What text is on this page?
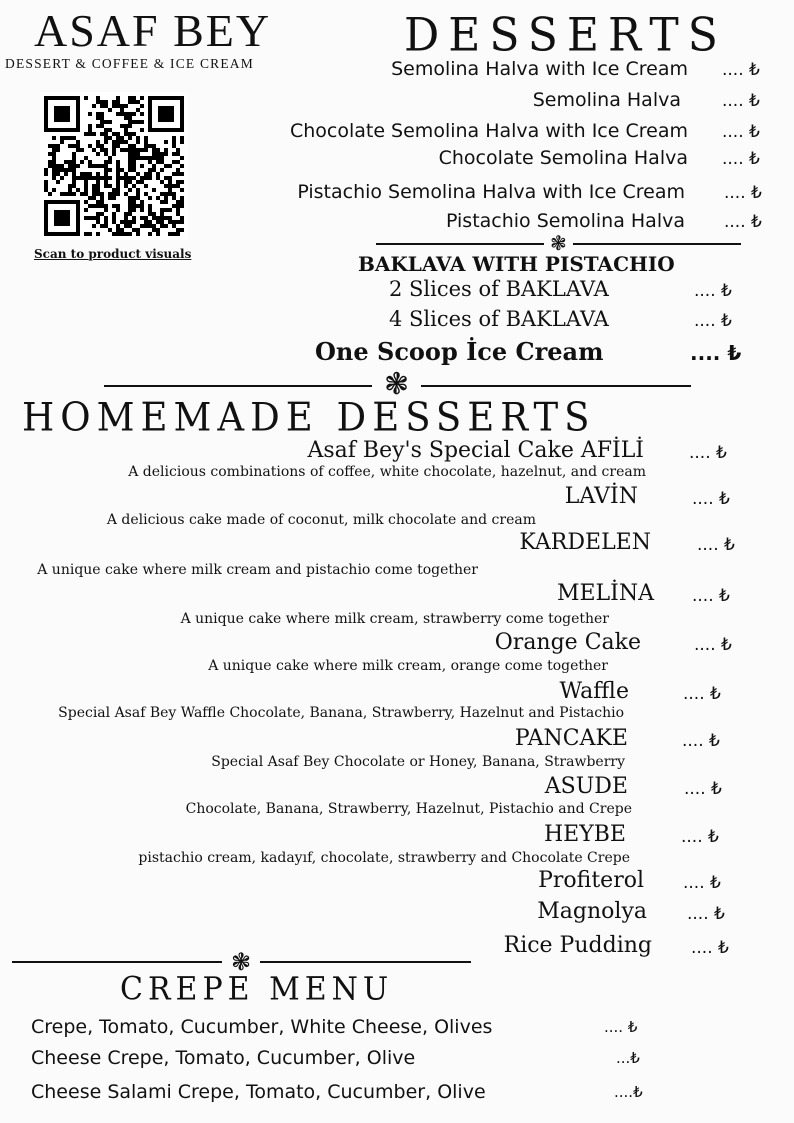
ASAF BEY
DESSERT & COFFEE & ICE CREAM
Scan to product visuals
DESSERTS
Semolina Halva with Ice Cream .... ₺
Semolina Halva .... ₺
Chocolate Semolina Halva with Ice Cream .... ₺
Chocolate Semolina Halva .... ₺
Pistachio Semolina Halva with Ice Cream .... ₺
Pistachio Semolina Halva .... ₺
❃
BAKLAVA WITH PISTACHIO
2 Slices of BAKLAVA	.... ₺
4 Slices of BAKLAVA	.... ₺
One Scoop İce Cream	.... ₺
❃
HOMEMADE DESSERTS
Asaf Bey's Special Cake AFİLİ	.... ₺
A delicious combinations of coffee, white chocolate, hazelnut, and cream
LAVİN	.... ₺
A delicious cake made of coconut, milk chocolate and cream
KARDELEN	.... ₺
A unique cake where milk cream and pistachio come together
MELİNA .... ₺
A unique cake where milk cream, strawberry come together
Orange Cake	.... ₺
A unique cake where milk cream, orange come together
Waffle	.... ₺
Special Asaf Bey Waffle Chocolate, Banana, Strawberry, Hazelnut and Pistachio
PANCAKE	.... ₺
Special Asaf Bey Chocolate or Honey, Banana, Strawberry
ASUDE	.... ₺
Chocolate, Banana, Strawberry, Hazelnut, Pistachio and Crepe
HEYBE	.... ₺
pistachio cream, kadayıf, chocolate, strawberry and Chocolate Crepe
Profiterol .... ₺
Magnolya .... ₺
Rice Pudding .... ₺
❃
CREPE MENU
Crepe, Tomato, Cucumber, White Cheese, Olives	.... ₺
Cheese Crepe, Tomato, Cucumber, Olive	...₺
Cheese Salami Crepe, Tomato, Cucumber, Olive	....₺
